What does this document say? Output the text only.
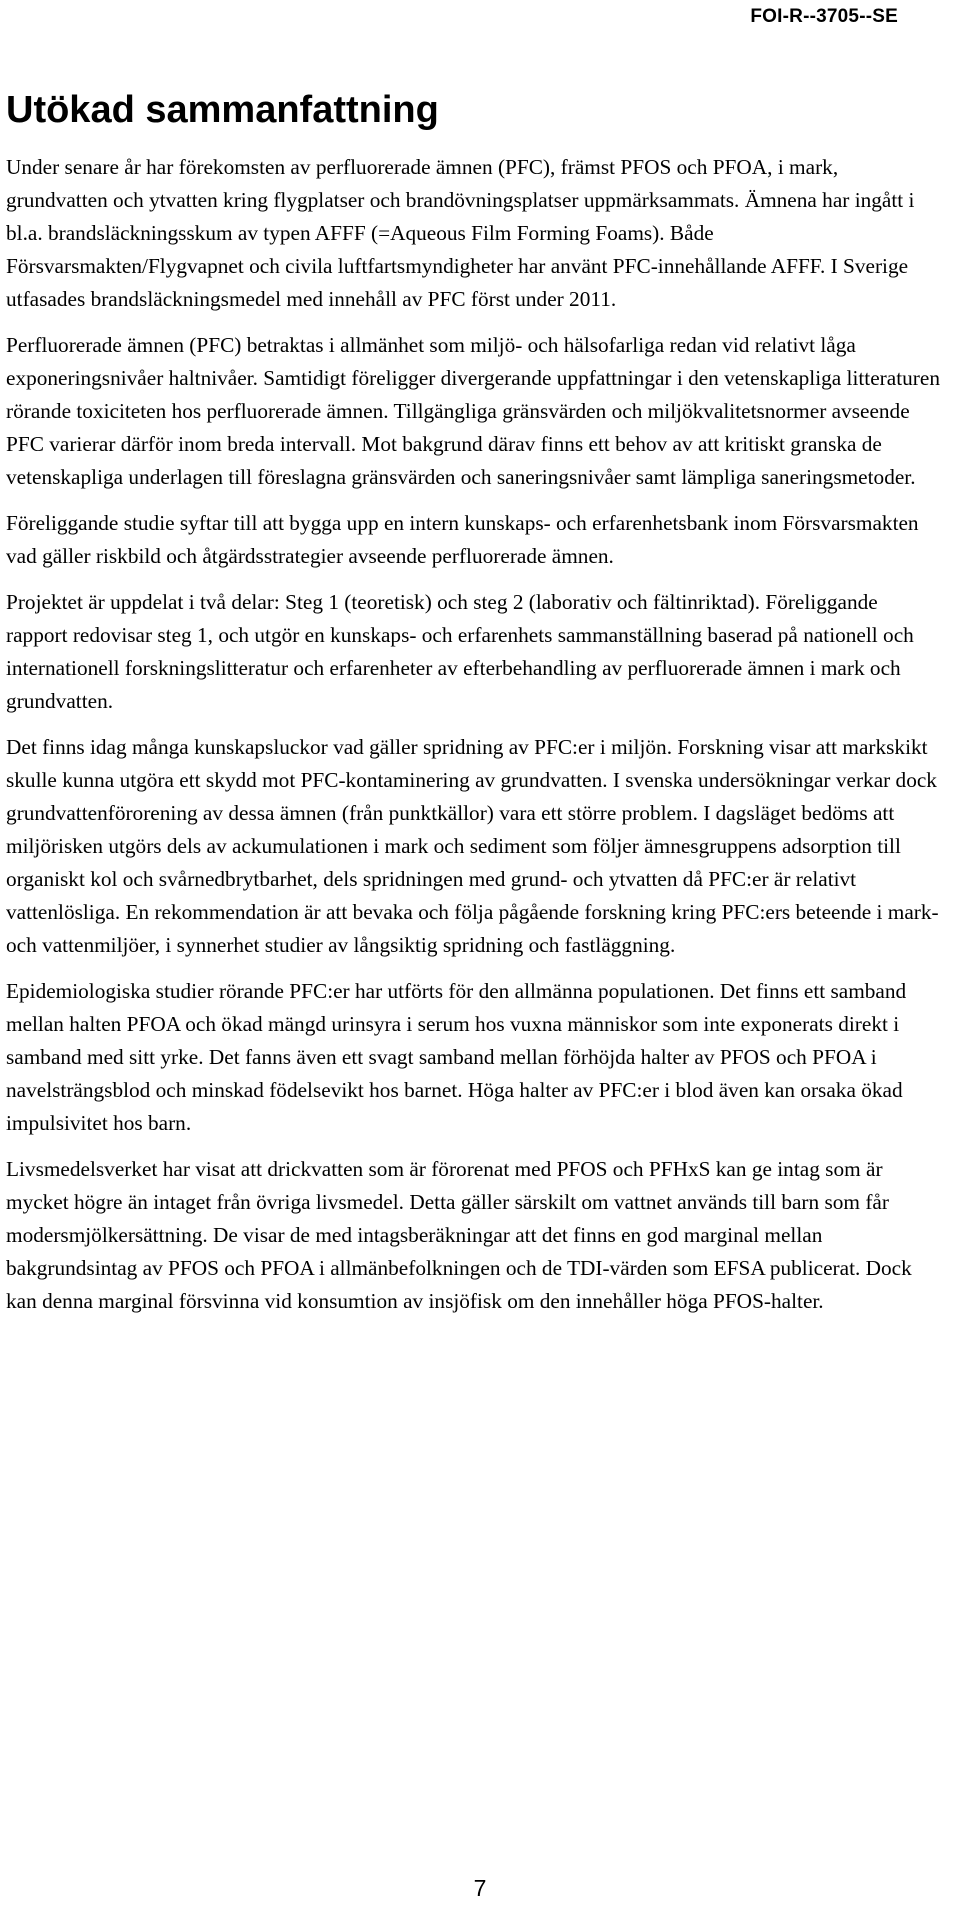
FOI-R--3705--SE
Utökad sammanfattning

Under senare år har förekomsten av perfluorerade ämnen (PFC), främst PFOS och PFOA, i mark, grundvatten och ytvatten kring flygplatser och brandövningsplatser uppmärksammats. Ämnena har ingått i bl.a. brandsläckningsskum av typen AFFF (=Aqueous Film Forming Foams). Både Försvarsmakten/Flygvapnet och civila luftfartsmyndigheter har använt PFC-innehållande AFFF. I Sverige utfasades brandsläckningsmedel med innehåll av PFC först under 2011.

Perfluorerade ämnen (PFC) betraktas i allmänhet som miljö- och hälsofarliga redan vid relativt låga exponeringsnivåer haltnivåer. Samtidigt föreligger divergerande uppfattningar i den vetenskapliga litteraturen rörande toxiciteten hos perfluorerade ämnen. Tillgängliga gränsvärden och miljökvalitetsnormer avseende PFC varierar därför inom breda intervall. Mot bakgrund därav finns ett behov av att kritiskt granska de vetenskapliga underlagen till föreslagna gränsvärden och saneringsnivåer samt lämpliga saneringsmetoder.

Föreliggande studie syftar till att bygga upp en intern kunskaps- och erfarenhetsbank inom Försvarsmakten vad gäller riskbild och åtgärdsstrategier avseende perfluorerade ämnen.

Projektet är uppdelat i två delar: Steg 1 (teoretisk) och steg 2 (laborativ och fältinriktad). Föreliggande rapport redovisar steg 1, och utgör en kunskaps- och erfarenhets sammanställning baserad på nationell och internationell forskningslitteratur och erfarenheter av efterbehandling av perfluorerade ämnen i mark och grundvatten.

Det finns idag många kunskapsluckor vad gäller spridning av PFC:er i miljön. Forskning visar att markskikt skulle kunna utgöra ett skydd mot PFC-kontaminering av grundvatten. I svenska undersökningar verkar dock grundvattenförorening av dessa ämnen (från punktkällor) vara ett större problem. I dagsläget bedöms att miljörisken utgörs dels av ackumulationen i mark och sediment som följer ämnesgruppens adsorption till organiskt kol och svårnedbrytbarhet, dels spridningen med grund- och ytvatten då PFC:er är relativt vattenlösliga. En rekommendation är att bevaka och följa pågående forskning kring PFC:ers beteende i mark- och vattenmiljöer, i synnerhet studier av långsiktig spridning och fastläggning.

Epidemiologiska studier rörande PFC:er har utförts för den allmänna populationen. Det finns ett samband mellan halten PFOA och ökad mängd urinsyra i serum hos vuxna människor som inte exponerats direkt i samband med sitt yrke. Det fanns även ett svagt samband mellan förhöjda halter av PFOS och PFOA i navelsträngsblod och minskad födelsevikt hos barnet. Höga halter av PFC:er i blod även kan orsaka ökad impulsivitet hos barn.

Livsmedelsverket har visat att drickvatten som är förorenat med PFOS och PFHxS kan ge intag som är mycket högre än intaget från övriga livsmedel. Detta gäller särskilt om vattnet används till barn som får modersmjölkersättning. De visar de med intagsberäkningar att det finns en god marginal mellan bakgrundsintag av PFOS och PFOA i allmänbefolkningen och de TDI-värden som EFSA publicerat. Dock kan denna marginal försvinna vid konsumtion av insjöfisk om den innehåller höga PFOS-halter.

7
